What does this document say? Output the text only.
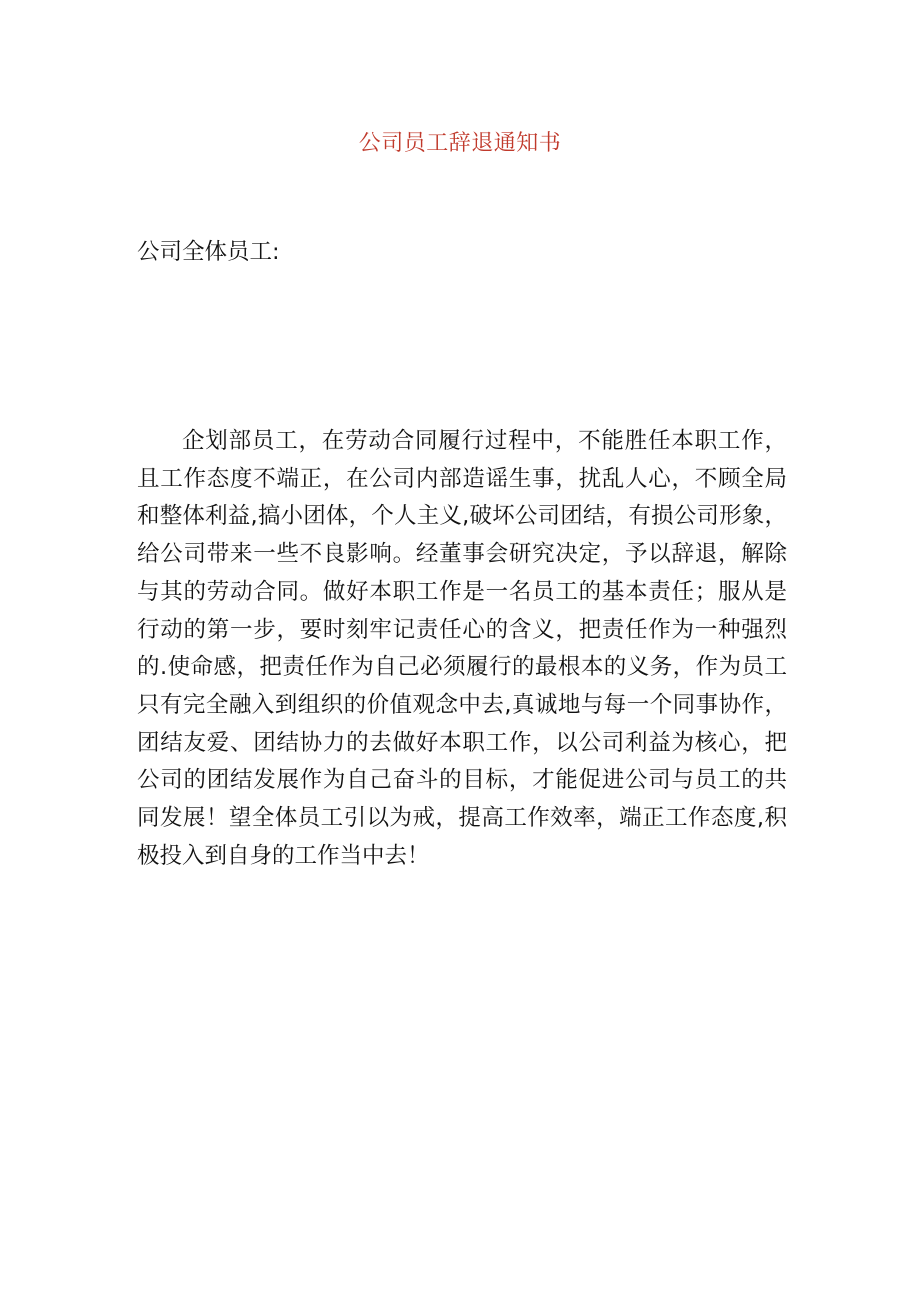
公司员工辞退通知书
公司全体员工:

企划部员工，在劳动合同履行过程中，不能胜任本职工作，且工作态度不端正，在公司内部造谣生事，扰乱人心，不顾全局和整体利益,搞小团体，个人主义,破坏公司团结，有损公司形象，给公司带来一些不良影响。经董事会研究决定，予以辞退，解除与其的劳动合同。做好本职工作是一名员工的基本责任；服从是行动的第一步，要时刻牢记责任心的含义，把责任作为一种强烈的.使命感，把责任作为自己必须履行的最根本的义务，作为员工只有完全融入到组织的价值观念中去,真诚地与每一个同事协作，团结友爱、团结协力的去做好本职工作，以公司利益为核心，把公司的团结发展作为自己奋斗的目标，才能促进公司与员工的共同发展！望全体员工引以为戒，提高工作效率，端正工作态度,积极投入到自身的工作当中去！
